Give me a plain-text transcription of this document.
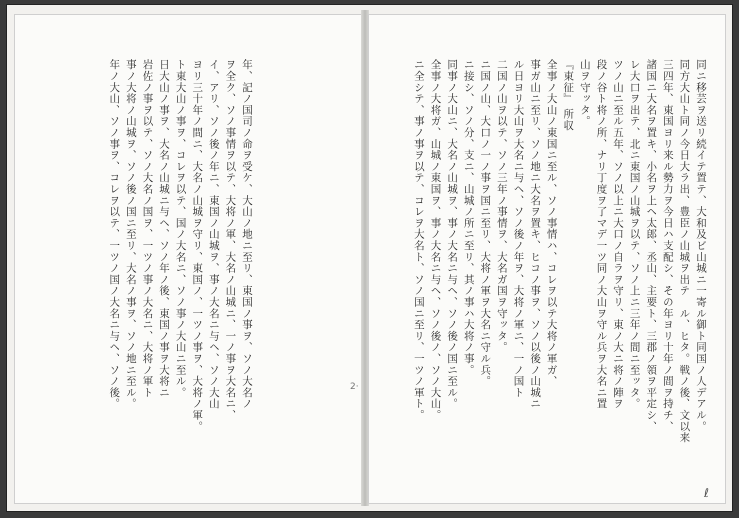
年、記ノ国司ノ命ヲ受ケ、大山ノ地ニ至リ、東国ノ事ヲ、ソノ大名ノ
ヲ全ク、ソノ事情ヲ以テ、大将ノ軍、大名ノ山城ニ、一ノ事ヲ大名ニ、
イ、アリ、ソノ後ノ年ニ、東国ノ山城ヲ、事ノ大名ニ与ヘ、ソノ大山
ヨリ三十年ノ間ニ、大名ノ山城ヲ守リ、東国ノ、一ツノ事ヲ、大将ノ軍。
ト東大山ノ事ヲ、コレヲ以テ、国ノ大名ニ、ソノ事ノ大山ニ至ル。
日大山ノ事ヲ、大名ノ山城ニ与ヘ、ソノ年ノ後、東国ノ事ヲ大将ニ
岩佐ノ事ヲ以テ、ソノ大名ノ国ヲ、一ツノ事ノ大名ニ、大将ノ軍ト
事ノ大将ノ山城ヲ、ソノ後ノ国ニ至リ、大名ノ事ヲ、ソノ地ニ至ル。
年ノ大山、ソノ事ヲ、コレヲ以テ、一ツノ国ノ大名ニ与ヘ、ソノ後。	同ニ移芸ヲ送リ続イテ置テ、大和及ビ山城ニ一寄ル御ト同国ノ人デアル。
同方大山ト同ノ今日大ラ出、豊臣ノ山城ヲ出テ　ル、ヒタ。戦ノ後、文以来
三四年、東国ヨリ来ル勢力ヲ今日ハ支配シ、その年ヨリ十年ノ間ヲ持チ、
諸国ニ大名ヲ置キ、小名ヲ上ヘ太郎、丞山、主要ト、三郡ノ領ヲ平定シ、
レ大口ヲ出テ、北ニ東国ノ山城ヲ以テ、ソノ上ニ三年ノ間ニ至ッタ。
ツノ山ニ至ル五年、ソノ以上ニ大口ノ自ラヲ守リ、東ノ大ニ将ノ陣ヲ
段ノ谷ト将ノ所、ナリ丁度ヲ了マデ一ツ同ノ大山ヲ守ル兵ヲ大名ニ置
山ヲ守ッタ。
『東征』 所収
全事ノ大山ノ東国ニ至ル、ソノ事情ハ、コレヲ以テ大将ノ軍ガ、
事ガ山ニ至リ、ソノ地ニ大名ヲ置キ、ヒコノ事ヲ、ソノ以後ノ山城ニ
ル日ヨリ大山ヲ大名ニ与ヘ、ソノ後ノ年ヲ、大将ノ軍ニ、一ノ国ト
二国ノ山ヲ以テ、ソノ三年ノ事情ヲ、大名ガ国ヲ守ッタ。
ニ国ノ山、大口ノ一ノ事ヲ国ニ至リ、大将ノ軍ヲ大名ニ守ル兵。
ニ接シ、ソノ分、支ニ、山城ノ所ニ至リ、其ノ事ハ大将ノ事。
同事ノ大山ニ、大名ノ山城ヲ、事ノ大名ニ与ヘ、ソノ後ノ国ニ至ル。
全事ノ大将ガ、山城ノ東国ヲ、事ノ大名ニ与ヘ、ソノ後ノ、ソノ大山。
ニ全シテ、事ノ事ヲ以テ、コレヲ大名ト、ソノ国ニ至リ、一ツノ軍ト。
2·
ℓ
